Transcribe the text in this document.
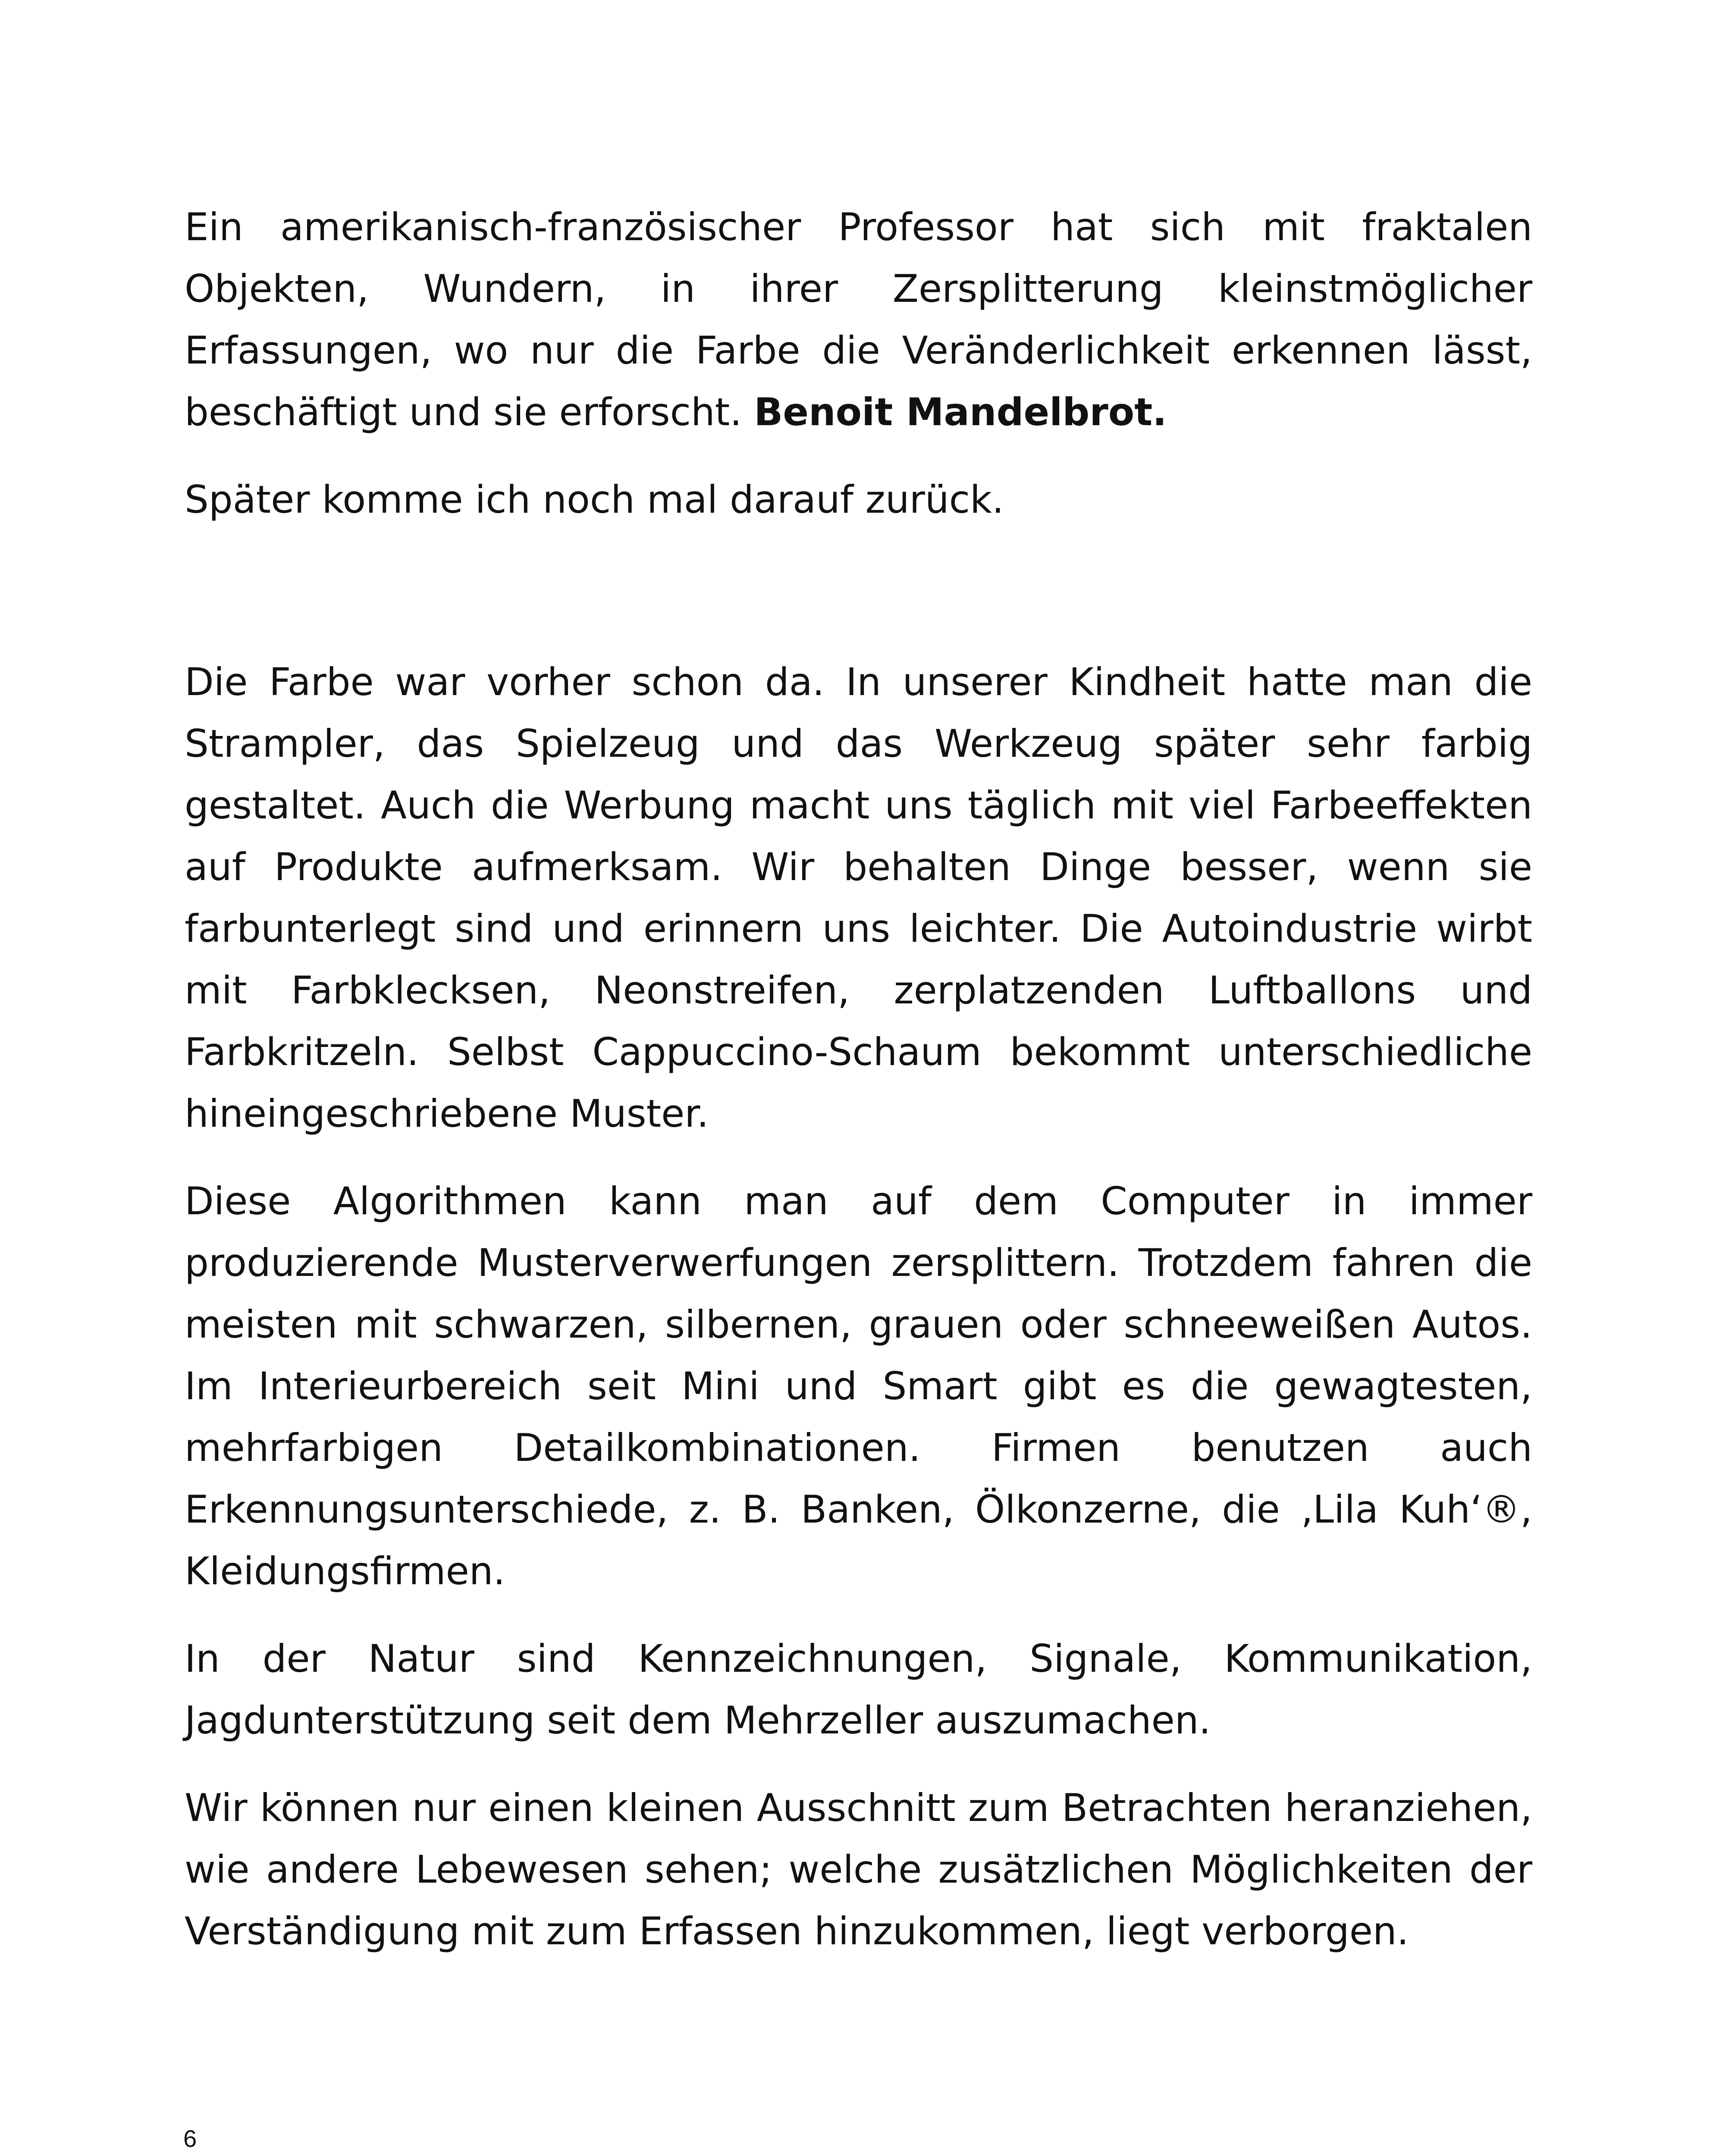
Ein amerikanisch-französischer Professor hat sich mit fraktalen Objekten, Wundern, in ihrer Zersplitterung kleinstmöglicher Erfassungen, wo nur die Farbe die Veränderlichkeit erkennen lässt, beschäftigt und sie erforscht. Benoit Mandelbrot.

Später komme ich noch mal darauf zurück.

Die Farbe war vorher schon da. In unserer Kindheit hatte man die Strampler, das Spielzeug und das Werkzeug später sehr farbig gestaltet. Auch die Werbung macht uns täglich mit viel Farbeeffekten auf Produkte aufmerksam. Wir behalten Dinge besser, wenn sie farbunterlegt sind und erinnern uns leichter. Die Autoindustrie wirbt mit Farbklecksen, Neonstreifen, zerplatzenden Luftballons und Farbkritzeln. Selbst Cappuccino-Schaum bekommt unterschiedliche hineingeschriebene Muster.

Diese Algorithmen kann man auf dem Computer in immer produzierende Musterverwerfungen zersplittern. Trotzdem fahren die meisten mit schwarzen, silbernen, grauen oder schneeweißen Autos. Im Interieurbereich seit Mini und Smart gibt es die gewagtesten, mehrfarbigen Detailkombinationen. Firmen benutzen auch Erkennungsunterschiede, z. B. Banken, Ölkonzerne, die ‚Lila Kuh‘®, Kleidungsfirmen.

In der Natur sind Kennzeichnungen, Signale, Kommunikation, Jagdunterstützung seit dem Mehrzeller auszumachen.

Wir können nur einen kleinen Ausschnitt zum Betrachten heranziehen, wie andere Lebewesen sehen; welche zusätzlichen Möglichkeiten der Verständigung mit zum Erfassen hinzukommen, liegt verborgen.

6
